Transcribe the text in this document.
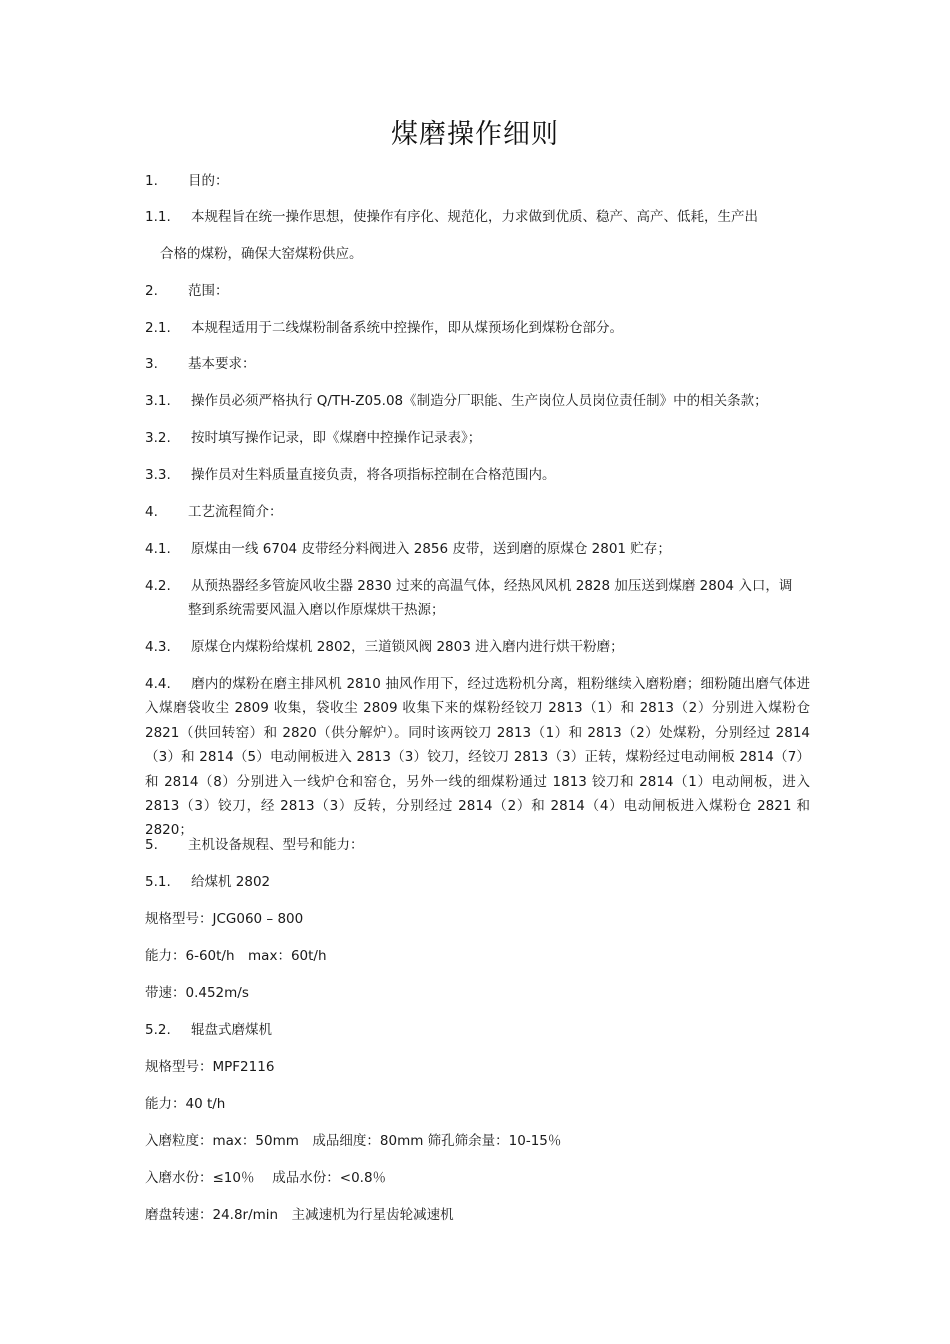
煤磨操作细则
1. 目的：
1.1. 本规程旨在统一操作思想，使操作有序化、规范化，力求做到优质、稳产、高产、低耗，生产出
合格的煤粉，确保大窑煤粉供应。
2. 范围：
2.1. 本规程适用于二线煤粉制备系统中控操作，即从煤预场化到煤粉仓部分。
3. 基本要求：
3.1. 操作员必须严格执行 Q/TH-Z05.08《制造分厂职能、生产岗位人员岗位责任制》中的相关条款；
3.2. 按时填写操作记录，即《煤磨中控操作记录表》；
3.3. 操作员对生料质量直接负责，将各项指标控制在合格范围内。
4. 工艺流程简介：
4.1. 原煤由一线 6704 皮带经分料阀进入 2856 皮带，送到磨的原煤仓 2801 贮存；
4.2. 从预热器经多管旋风收尘器 2830 过来的高温气体，经热风风机 2828 加压送到煤磨 2804 入口，调
整到系统需要风温入磨以作原煤烘干热源；
4.3. 原煤仓内煤粉给煤机 2802，三道锁风阀 2803 进入磨内进行烘干粉磨；
4.4. 磨内的煤粉在磨主排风机 2810 抽风作用下，经过选粉机分离，粗粉继续入磨粉磨；细粉随出磨气体进入煤磨袋收尘 2809 收集，袋收尘 2809 收集下来的煤粉经铰刀 2813（1）和 2813（2）分别进入煤粉仓 2821（供回转窑）和 2820（供分解炉）。同时该两铰刀 2813（1）和 2813（2）处煤粉，分别经过 2814（3）和 2814（5）电动闸板进入 2813（3）铰刀，经铰刀 2813（3）正转，煤粉经过电动闸板 2814（7）和 2814（8）分别进入一线炉仓和窑仓，另外一线的细煤粉通过 1813 铰刀和 2814（1）电动闸板，进入 2813（3）铰刀，经 2813（3）反转，分别经过 2814（2）和 2814（4）电动闸板进入煤粉仓 2821 和 2820；
5. 主机设备规程、型号和能力：
5.1. 给煤机 2802
规格型号：JCG060 – 800
能力：6-60t/h　max：60t/h
带速：0.452m/s
5.2. 辊盘式磨煤机
规格型号：MPF2116
能力：40 t/h
入磨粒度：max：50mm　成品细度：80mm 筛孔筛余量：10-15％
入磨水份：≤10％　 成品水份：<0.8％
磨盘转速：24.8r/min　主减速机为行星齿轮减速机
